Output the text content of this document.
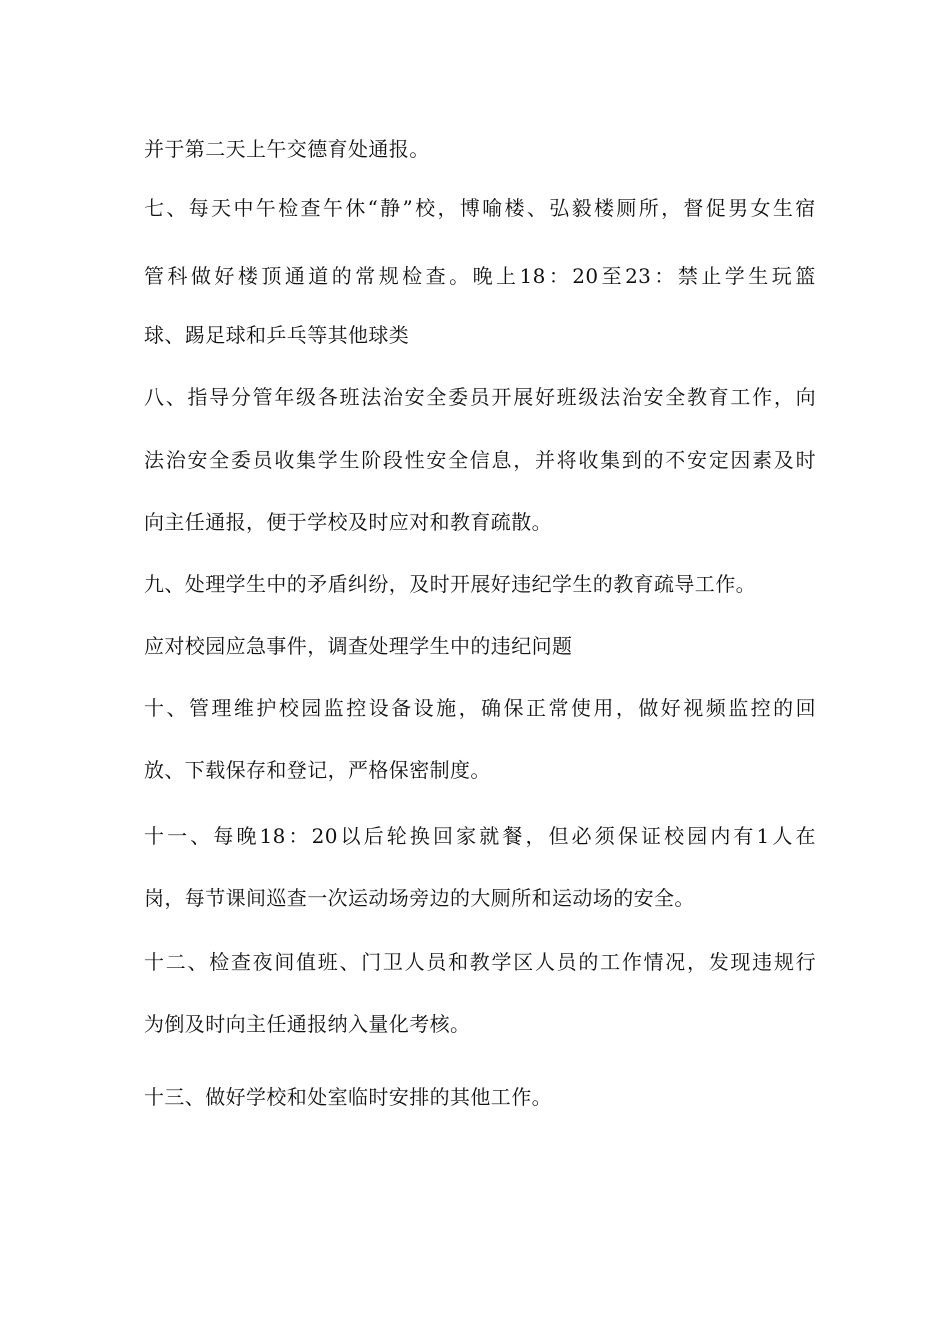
并于第二天上午交德育处通报。
七 、 每 天 中 午 检 查 午 休 “ 静 ” 校 ， 博 喻 楼 、 弘 毅 楼 厕 所 ， 督 促 男 女 生 宿
管 科 做 好 楼 顶 通 道 的 常 规 检 查 。 晚 上 18 ： 20 至 23 ： 禁 止 学 生 玩 篮
球、踢足球和乒乓等其他球类
八 、 指 导 分 管 年 级 各 班 法 治 安 全 委 员 开 展 好 班 级 法 治 安 全 教 育 工 作 ， 向
法 治 安 全 委 员 收 集 学 生 阶 段 性 安 全 信 息 ， 并 将 收 集 到 的 不 安 定 因 素 及 时
向主任通报，便于学校及时应对和教育疏散。
九、处理学生中的矛盾纠纷，及时开展好违纪学生的教育疏导工作。
应对校园应急事件，调查处理学生中的违纪问题
十 、 管 理 维 护 校 园 监 控 设 备 设 施 ， 确 保 正 常 使 用 ， 做 好 视 频 监 控 的 回
放、下载保存和登记，严格保密制度。
十 一 、 每 晚 18 ： 20 以 后 轮 换 回 家 就 餐 ， 但 必 须 保 证 校 园 内 有 1 人 在
岗，每节课间巡查一次运动场旁边的大厕所和运动场的安全。
十 二 、 检 查 夜 间 值 班 、 门 卫 人 员 和 教 学 区 人 员 的 工 作 情 况 ， 发 现 违 规 行
为倒及时向主任通报纳入量化考核。
十三、做好学校和处室临时安排的其他工作。
